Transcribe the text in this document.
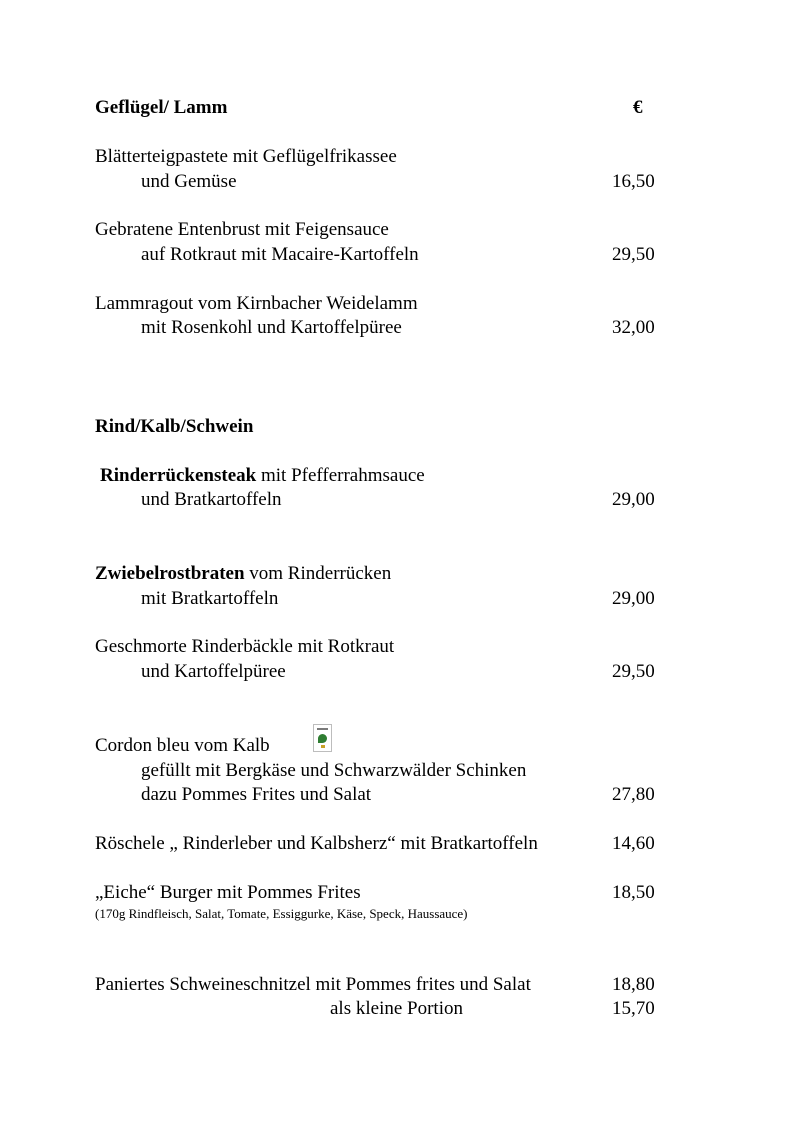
Geflügel/ Lamm	€
Blätterteigpastete mit Geflügelfrikassee
und Gemüse	16,50
Gebratene Entenbrust mit Feigensauce
auf Rotkraut mit Macaire-Kartoffeln	29,50
Lammragout vom Kirnbacher Weidelamm
mit Rosenkohl und Kartoffelpüree	32,00
Rind/Kalb/Schwein
Rinderrückensteak mit Pfefferrahmsauce
und Bratkartoffeln	29,00
Zwiebelrostbraten vom Rinderrücken
mit Bratkartoffeln	29,00
Geschmorte Rinderbäckle mit Rotkraut
und Kartoffelpüree	29,50
Cordon bleu vom Kalb
gefüllt mit Bergkäse und Schwarzwälder Schinken
dazu Pommes Frites und Salat	27,80
Röschele „ Rinderleber und Kalbsherz“ mit Bratkartoffeln	14,60
„Eiche“ Burger mit Pommes Frites	18,50
(170g Rindfleisch, Salat, Tomate, Essiggurke, Käse, Speck, Haussauce)
Paniertes Schweineschnitzel mit Pommes frites und Salat	18,80
als kleine Portion	15,70
